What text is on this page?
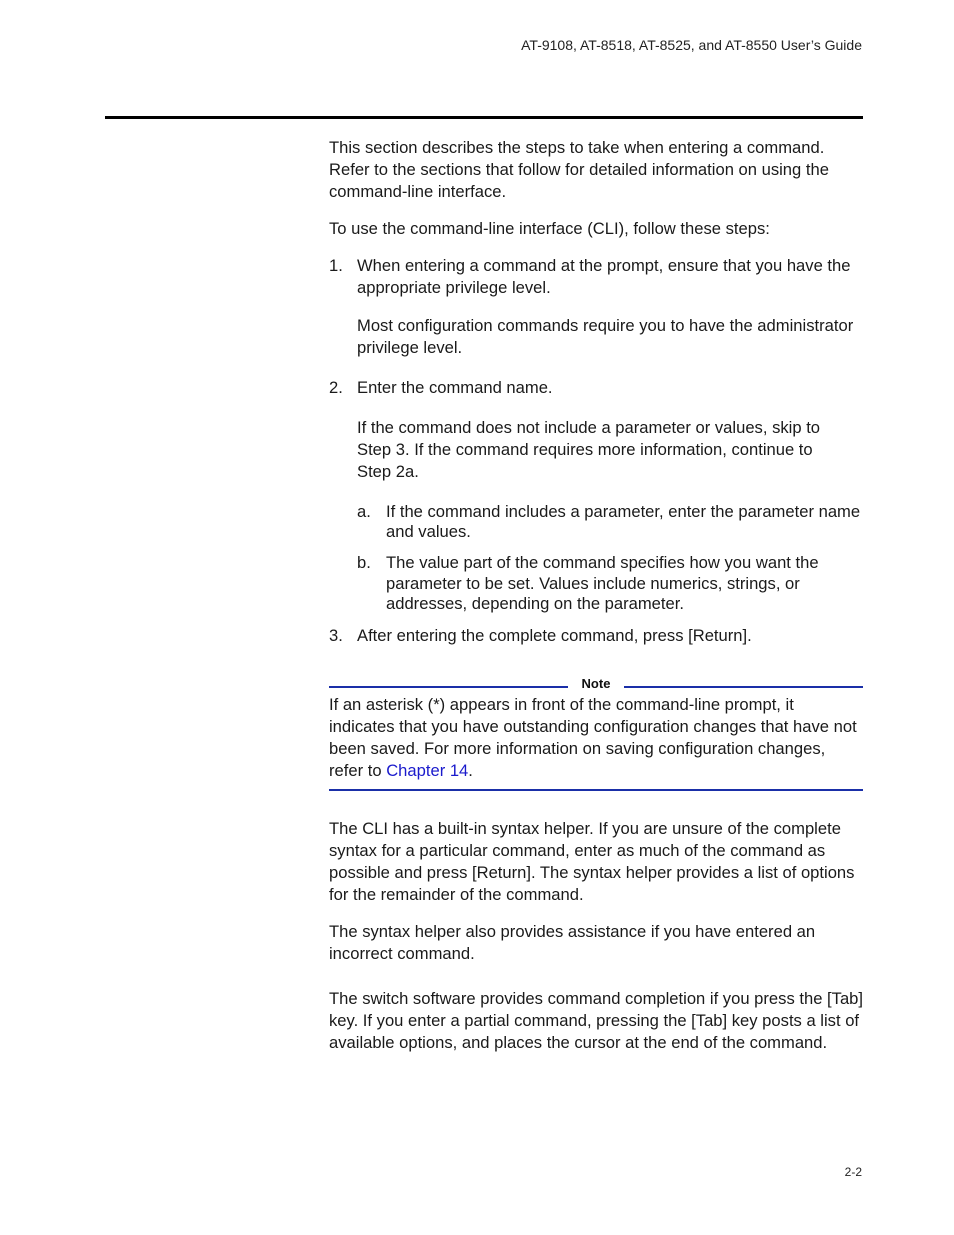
AT-9108, AT-8518, AT-8525, and AT-8550 User’s Guide

This section describes the steps to take when entering a command. Refer to the sections that follow for detailed information on using the command-line interface.

To use the command-line interface (CLI), follow these steps:

1. When entering a command at the prompt, ensure that you have the appropriate privilege level.
Most configuration commands require you to have the administrator privilege level.
2. Enter the command name.
If the command does not include a parameter or values, skip to Step 3. If the command requires more information, continue to Step 2a.
a. If the command includes a parameter, enter the parameter name and values.
b. The value part of the command specifies how you want the parameter to be set. Values include numerics, strings, or addresses, depending on the parameter.
3. After entering the complete command, press [Return].
Note

If an asterisk (*) appears in front of the command-line prompt, it indicates that you have outstanding configuration changes that have not been saved. For more information on saving configuration changes, refer to Chapter 14.

The CLI has a built-in syntax helper. If you are unsure of the complete syntax for a particular command, enter as much of the command as possible and press [Return]. The syntax helper provides a list of options for the remainder of the command.

The syntax helper also provides assistance if you have entered an incorrect command.

The switch software provides command completion if you press the [Tab] key. If you enter a partial command, pressing the [Tab] key posts a list of available options, and places the cursor at the end of the command.

2-2
